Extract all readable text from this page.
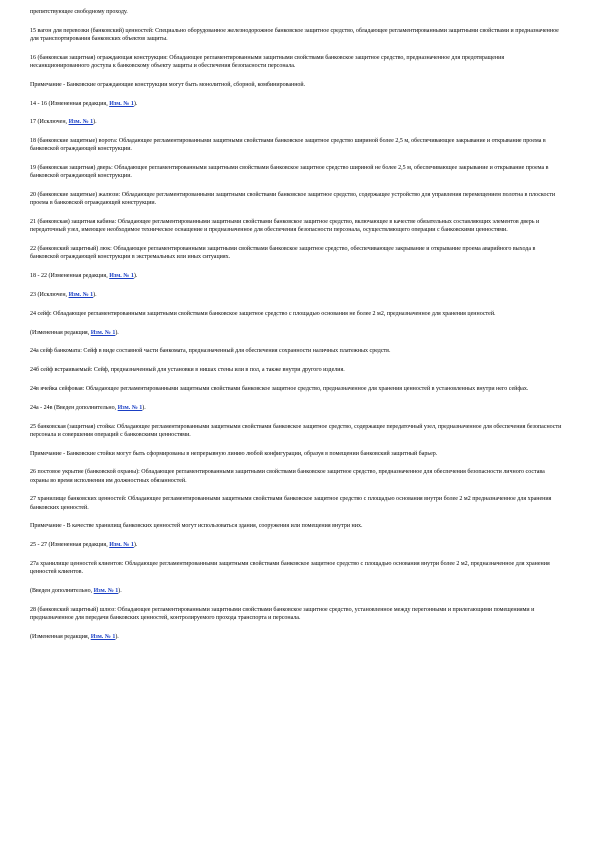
препятствующее свободному проходу.

15 вагон для перевозки (банковский) ценностей: Специально оборудованное железнодорожное банковское защитное средство, обладающее регламентированными защитными свойствами и предназначенное для транспортирования банковских объектов защиты.

16 (банковская защитная) ограждающая конструкция: Обладающее регламентированными защитными свойствами банковское защитное средство, предназначенное для предотвращения несанкционированного доступа к банковскому объекту защиты и обеспечения безопасности персонала.

Примечание - Банковские ограждающие конструкции могут быть монолитной, сборной, комбинированной.

14 - 16 (Измененная редакция, Изм. № 1).

17 (Исключен, Изм. № 1).

18 (банковские защитные) ворота: Обладающее регламентированными защитными свойствами банковское защитное средство шириной более 2,5 м, обеспечивающее закрывание и открывание проема в банковской ограждающей конструкции.

19 (банковская защитная) дверь: Обладающее регламентированными защитными свойствами банковское защитное средство шириной не более 2,5 м, обеспечивающее закрывание и открывание проема в банковской ограждающей конструкции.

20 (банковские защитные) жалюзи: Обладающее регламентированными защитными свойствами банковское защитное средство, содержащее устройство для управления перемещением полотна в плоскости проема в банковской ограждающей конструкции.

21 (банковская) защитная кабина: Обладающее регламентированными защитными свойствами банковское защитное средство, включающее в качестве обязательных составляющих элементов дверь и передаточный узел, имеющее необходимое техническое оснащение и предназначенное для обеспечения безопасности персонала, осуществляющего операции с банковскими ценностями.

22 (банковский защитный) люк: Обладающее регламентированными защитными свойствами банковское защитное средство, обеспечивающее закрывание и открывание проема аварийного выхода в банковской ограждающей конструкции в экстремальных или иных ситуациях.

18 - 22 (Измененная редакция, Изм. № 1).

23 (Исключен, Изм. № 1).

24 сейф: Обладающее регламентированными защитными свойствами банковское защитное средство с площадью основания не более 2 м2, предназначенное для хранения ценностей.

(Измененная редакция, Изм. № 1).

24а сейф банкомата: Сейф в виде составной части банкомата, предназначенный для обеспечения сохранности наличных платежных средств.

24б сейф встраиваемый: Сейф, предназначенный для установки в нишах стены или в пол, а также внутри другого изделия.

24в ячейка сейфовая: Обладающее регламентированными защитными свойствами банковское защитное средство, предназначенное для хранения ценностей в установленных внутри него сейфах.

24а - 24в (Введен дополнительно, Изм. № 1).

25 банковская (защитная) стойка: Обладающее регламентированными защитными свойствами банковское защитное средство, содержащее передаточный узел, предназначенное для обеспечения безопасности персонала и совершения операций с банковскими ценностями.

Примечание - Банковские стойки могут быть сформированы в непрерывную линию любой конфигурации, образуя в помещении банковский защитный барьер.

26 постовое укрытие (банковской охраны): Обладающее регламентированными защитными свойствами банковское защитное средство, предназначенное для обеспечения безопасности личного состава охраны во время исполнения им должностных обязанностей.

27 хранилище банковских ценностей: Обладающее регламентированными защитными свойствами банковское защитное средство с площадью основания внутри более 2 м2 предназначенное для хранения банковских ценностей.

Примечание - В качестве хранилищ банковских ценностей могут использоваться здания, сооружения или помещения внутри них.

25 - 27 (Измененная редакция, Изм. № 1).

27а хранилище ценностей клиентов: Обладающее регламентированными защитными свойствами банковское защитное средство с площадью основания внутри более 2 м2, предназначенное для хранения ценностей клиентов.

(Введен дополнительно, Изм. № 1).

28 (банковский защитный) шлюз: Обладающее регламентированными защитными свойствами банковское защитное средство, установленное между перегонными и прилегающими помещениями и предназначенное для передачи банковских ценностей, контролируемого прохода транспорта и персонала.

(Измененная редакция, Изм. № 1).
